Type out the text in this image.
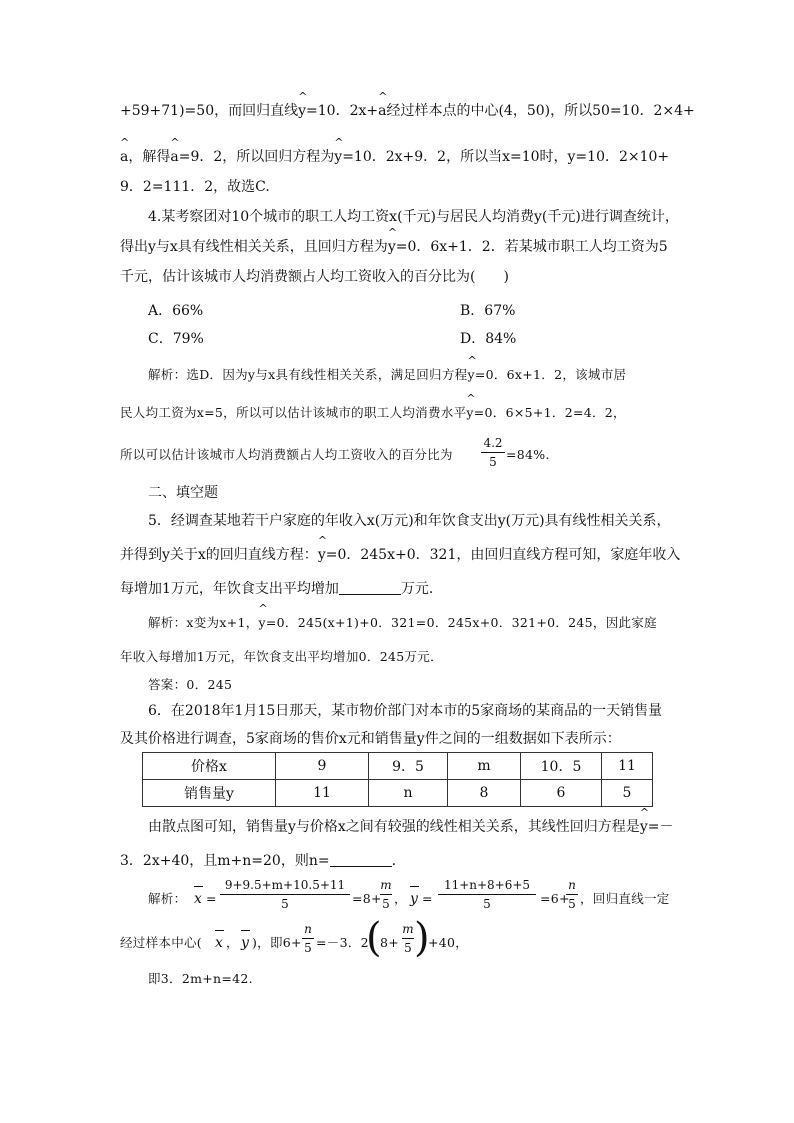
+59+71)=50，而回归直线^ y=10．2x+^ a经过样本点的中心(4，50)，所以50=10．2×4+
^ a，解得^ a=9．2，所以回归方程为^ y=10．2x+9．2，所以当x=10时，y=10．2×10+
9．2=111．2，故选C.
4.某考察团对10个城市的职工人均工资x(千元)与居民人均消费y(千元)进行调查统计，
得出y与x具有线性相关关系，且回归方程为^ y=0．6x+1．2．若某城市职工人均工资为5
千元，估计该城市人均消费额占人均工资收入的百分比为(　　)
A．66%	B．67%
C．79%	D．84%
解析：选D．因为y与x具有线性相关关系，满足回归方程^ y=0．6x+1．2，该城市居
民人均工资为x=5，所以可以估计该城市的职工人均消费水平^ y=0．6×5+1．2=4．2，
所以可以估计该城市人均消费额占人均工资收入的百分比为
4.2
5 =84%.
二、填空题
5．经调查某地若干户家庭的年收入x(万元)和年饮食支出y(万元)具有线性相关关系，
并得到y关于x的回归直线方程：^ y=0．245x+0．321，由回归直线方程可知，家庭年收入
每增加1万元，年饮食支出平均增加	万元．
解析：x变为x+1，^ y=0．245(x+1)+0．321=0．245x+0．321+0．245，因此家庭
年收入每增加1万元，年饮食支出平均增加0．245万元．
答案：0．245
6．在2018年1月15日那天，某市物价部门对本市的5家商场的某商品的一天销售量
及其价格进行调查，5家商场的售价x元和销售量y件之间的一组数据如下表所示：
价格x	9	9．5	m	10．5	11
销售量y	11	n	8	6	5
由散点图可知，销售量y与价格x之间有较强的线性相关关系，其线性回归方程是^ y=－
3．2x+40，且m+n=20，则n=	.
解析： x =
9+9.5+m+10.5+11
5	=8+
m
5 ， y =
11+n+8+6+5
5	=6+
n
5 ，回归直线一定
经过样本中心( x ， y )，即6+
n
5 =－3．2
(
8+
m
5 )
+40，
即3．2m+n=42.
